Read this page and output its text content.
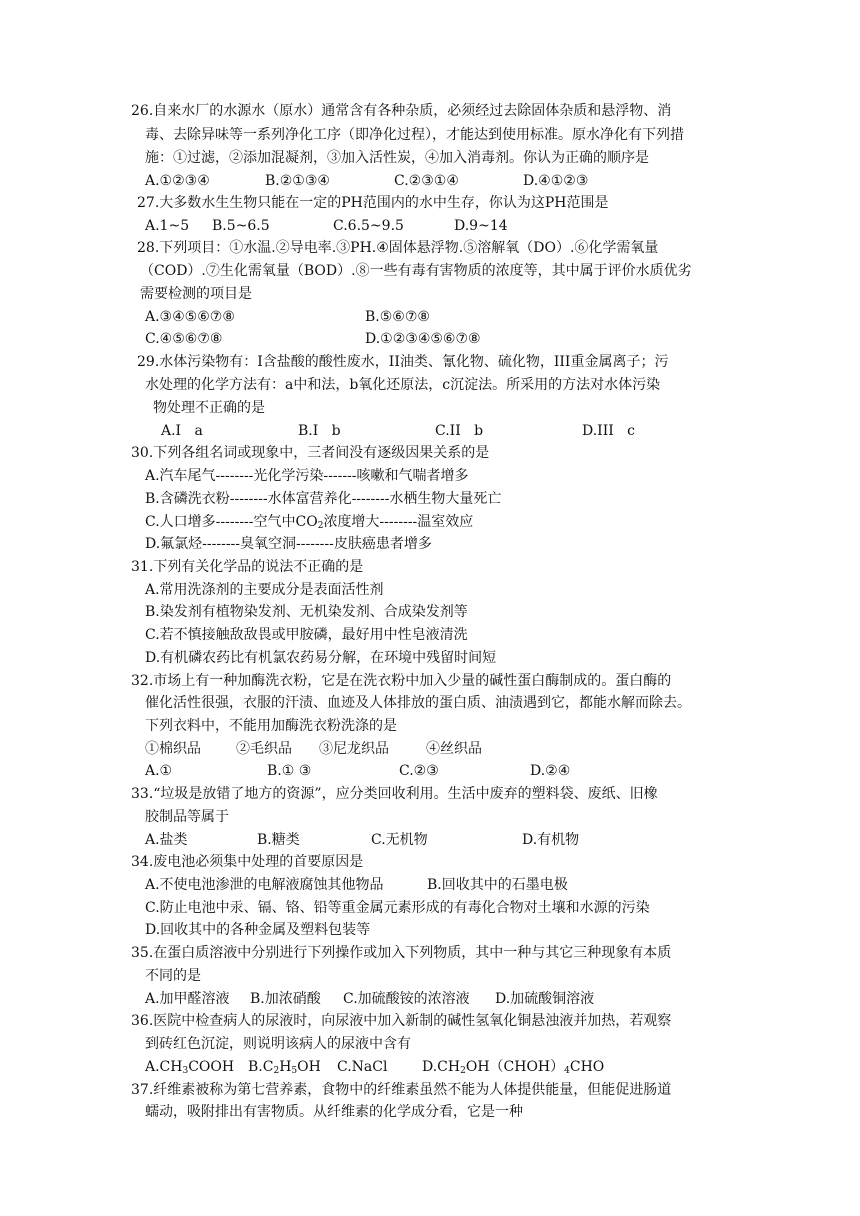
26.自来水厂的水源水（原水）通常含有各种杂质，必须经过去除固体杂质和悬浮物、消
毒、去除异味等一系列净化工序（即净化过程），才能达到使用标准。原水净化有下列措
施：①过滤，②添加混凝剂，③加入活性炭，④加入消毒剂。你认为正确的顺序是
A.①②③④	B.②①③④	C.②③①④	D.④①②③
27.大多数水生生物只能在一定的PH范围内的水中生存，你认为这PH范围是
A.1~5 B.5~6.5	C.6.5~9.5	D.9~14
28.下列项目：①水温.②导电率.③PH.④固体悬浮物.⑤溶解氧（DO）.⑥化学需氧量
（COD）.⑦生化需氧量（BOD）.⑧一些有毒有害物质的浓度等，其中属于评价水质优劣
需要检测的项目是
A.③④⑤⑥⑦⑧	B.⑤⑥⑦⑧
C.④⑤⑥⑦⑧	D.①②③④⑤⑥⑦⑧
29.水体污染物有：I含盐酸的酸性废水，II油类、氰化物、硫化物，III重金属离子；污
水处理的化学方法有：a中和法，b氧化还原法，c沉淀法。所采用的方法对水体污染
物处理不正确的是
A.I   a	B.I   b	C.II   b	D.III   c
30.下列各组名词或现象中，三者间没有逐级因果关系的是
A.汽车尾气--------光化学污染-------咳嗽和气喘者增多
B.含磷洗衣粉--------水体富营养化--------水栖生物大量死亡
C.人口增多--------空气中$CO_2$浓度增大--------温室效应
D.氟氯烃--------臭氧空洞--------皮肤癌患者增多
31.下列有关化学品的说法不正确的是
A.常用洗涤剂的主要成分是表面活性剂
B.染发剂有植物染发剂、无机染发剂、合成染发剂等
C.若不慎接触敌敌畏或甲胺磷，最好用中性皂液清洗
D.有机磷农药比有机氯农药易分解，在环境中残留时间短
32.市场上有一种加酶洗衣粉，它是在洗衣粉中加入少量的碱性蛋白酶制成的。蛋白酶的
催化活性很强，衣服的汗渍、血迹及人体排放的蛋白质、油渍遇到它，都能水解而除去。
下列衣料中，不能用加酶洗衣粉洗涤的是
①棉织品	②毛织品 ③尼龙织品	④丝织品
A.①	B.① ③	C.②③	D.②④
33.“垃圾是放错了地方的资源”，应分类回收利用。生活中废弃的塑料袋、废纸、旧橡
胶制品等属于
A.盐类	B.糖类	C.无机物	D.有机物
34.废电池必须集中处理的首要原因是
A.不使电池渗泄的电解液腐蚀其他物品	B.回收其中的石墨电极
C.防止电池中汞、镉、铬、铅等重金属元素形成的有毒化合物对土壤和水源的污染
D.回收其中的各种金属及塑料包装等
35.在蛋白质溶液中分别进行下列操作或加入下列物质，其中一种与其它三种现象有本质
不同的是
A.加甲醛溶液 B.加浓硝酸 C.加硫酸铵的浓溶液 D.加硫酸铜溶液
36.医院中检查病人的尿液时，向尿液中加入新制的碱性氢氧化铜悬浊液并加热，若观察
到砖红色沉淀，则说明该病人的尿液中含有
$A.CH_3COOH$ $B.C_2H_5OH$ C.NaCl $D.CH_2OH(CHOH)_4CHO$
37.纤维素被称为第七营养素，食物中的纤维素虽然不能为人体提供能量，但能促进肠道
蠕动，吸附排出有害物质。从纤维素的化学成分看，它是一种
